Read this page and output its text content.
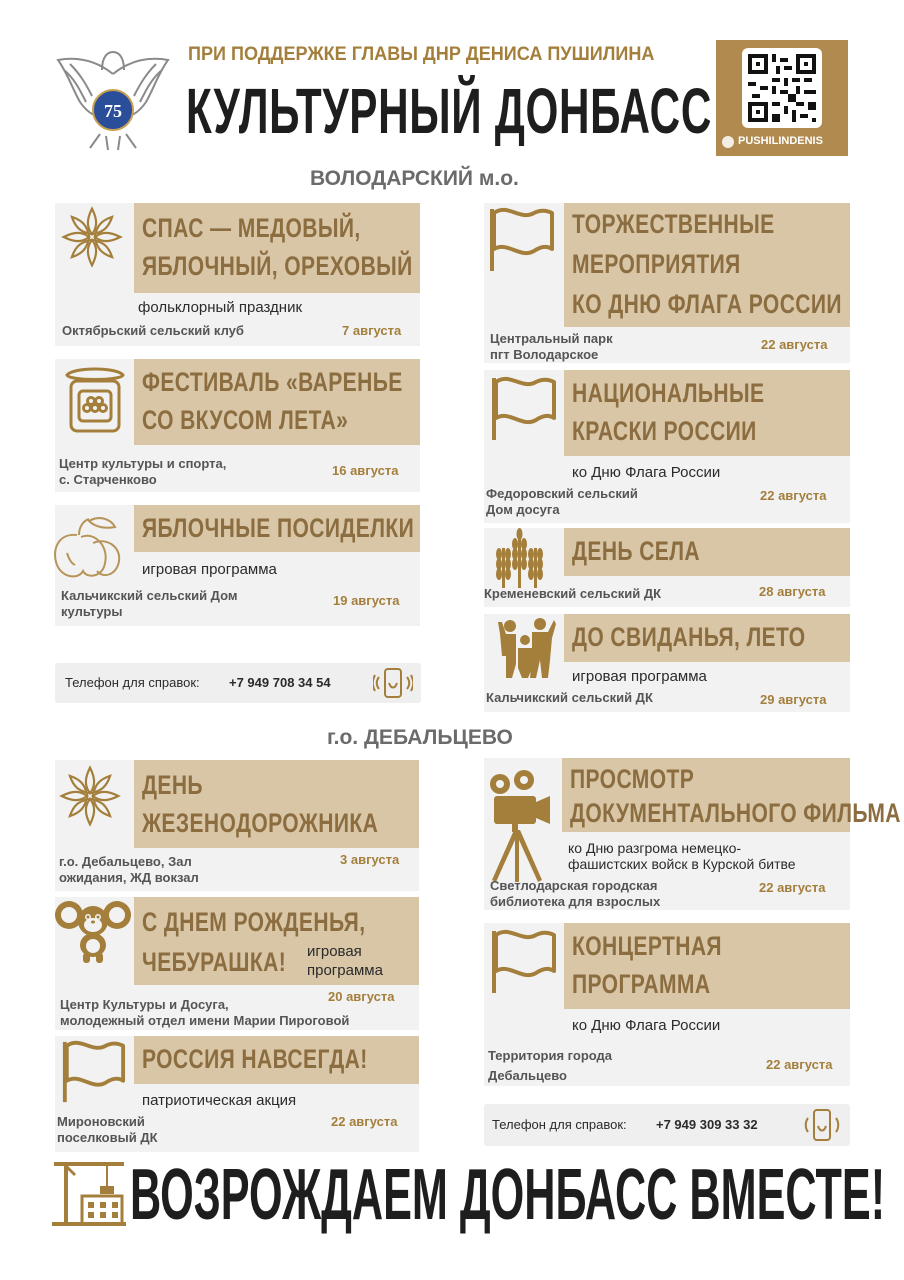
75
ПРИ ПОДДЕРЖКЕ ГЛАВЫ ДНР ДЕНИСА ПУШИЛИНА
КУЛЬТУРНЫЙ ДОНБАСС PUSHILINDENIS
ВОЛОДАРСКИЙ м.о.
СПАС — МЕДОВЫЙ,
ЯБЛОЧНЫЙ, ОРЕХОВЫЙ
фольклорный праздник
Октябрьский сельский клуб	7 августа
ФЕСТИВАЛЬ «ВАРЕНЬЕ
СО ВКУСОМ ЛЕТА»
Центр культуры и спорта,
с. Старченково
16 августа
ЯБЛОЧНЫЕ ПОСИДЕЛКИ
игровая программа
Кальчикский сельский Дом
культуры
19 августа
Телефон для справок: +7 949 708 34 54
ТОРЖЕСТВЕННЫЕ
МЕРОПРИЯТИЯ
КО ДНЮ ФЛАГА РОССИИ
Центральный парк
пгт Володарское
22 августа
НАЦИОНАЛЬНЫЕ
КРАСКИ РОССИИ
ко Дню Флага России
Федоровский сельский
Дом досуга
22 августа
ДЕНЬ СЕЛА
Кременевский сельский ДК	28 августа
ДО СВИДАНЬЯ, ЛЕТО
игровая программа
Кальчикский сельский ДК	29 августа
г.о. ДЕБАЛЬЦЕВО
ДЕНЬ
ЖЕЗЕНОДОРОЖНИКА
г.о. Дебальцево, Зал
ожидания, ЖД вокзал
3 августа
С ДНЕМ РОЖДЕНЬЯ,
ЧЕБУРАШКА! игровая
программа
20 августа
Центр Культуры и Досуга,
молодежный отдел имени Марии Пироговой
РОССИЯ НАВСЕГДА!
патриотическая акция
Мироновский
поселковый ДК
22 августа
ПРОСМОТР
ДОКУМЕНТАЛЬНОГО ФИЛЬМА
ко Дню разгрома немецко-
фашистских войск в Курской битве
Светлодарская городская
библиотека для взрослых
22 августа
КОНЦЕРТНАЯ
ПРОГРАММА
ко Дню Флага России
Территория города
Дебальцево
22 августа
Телефон для справок: +7 949 309 33 32
ВОЗРОЖДАЕМ ДОНБАСС ВМЕСТЕ!
